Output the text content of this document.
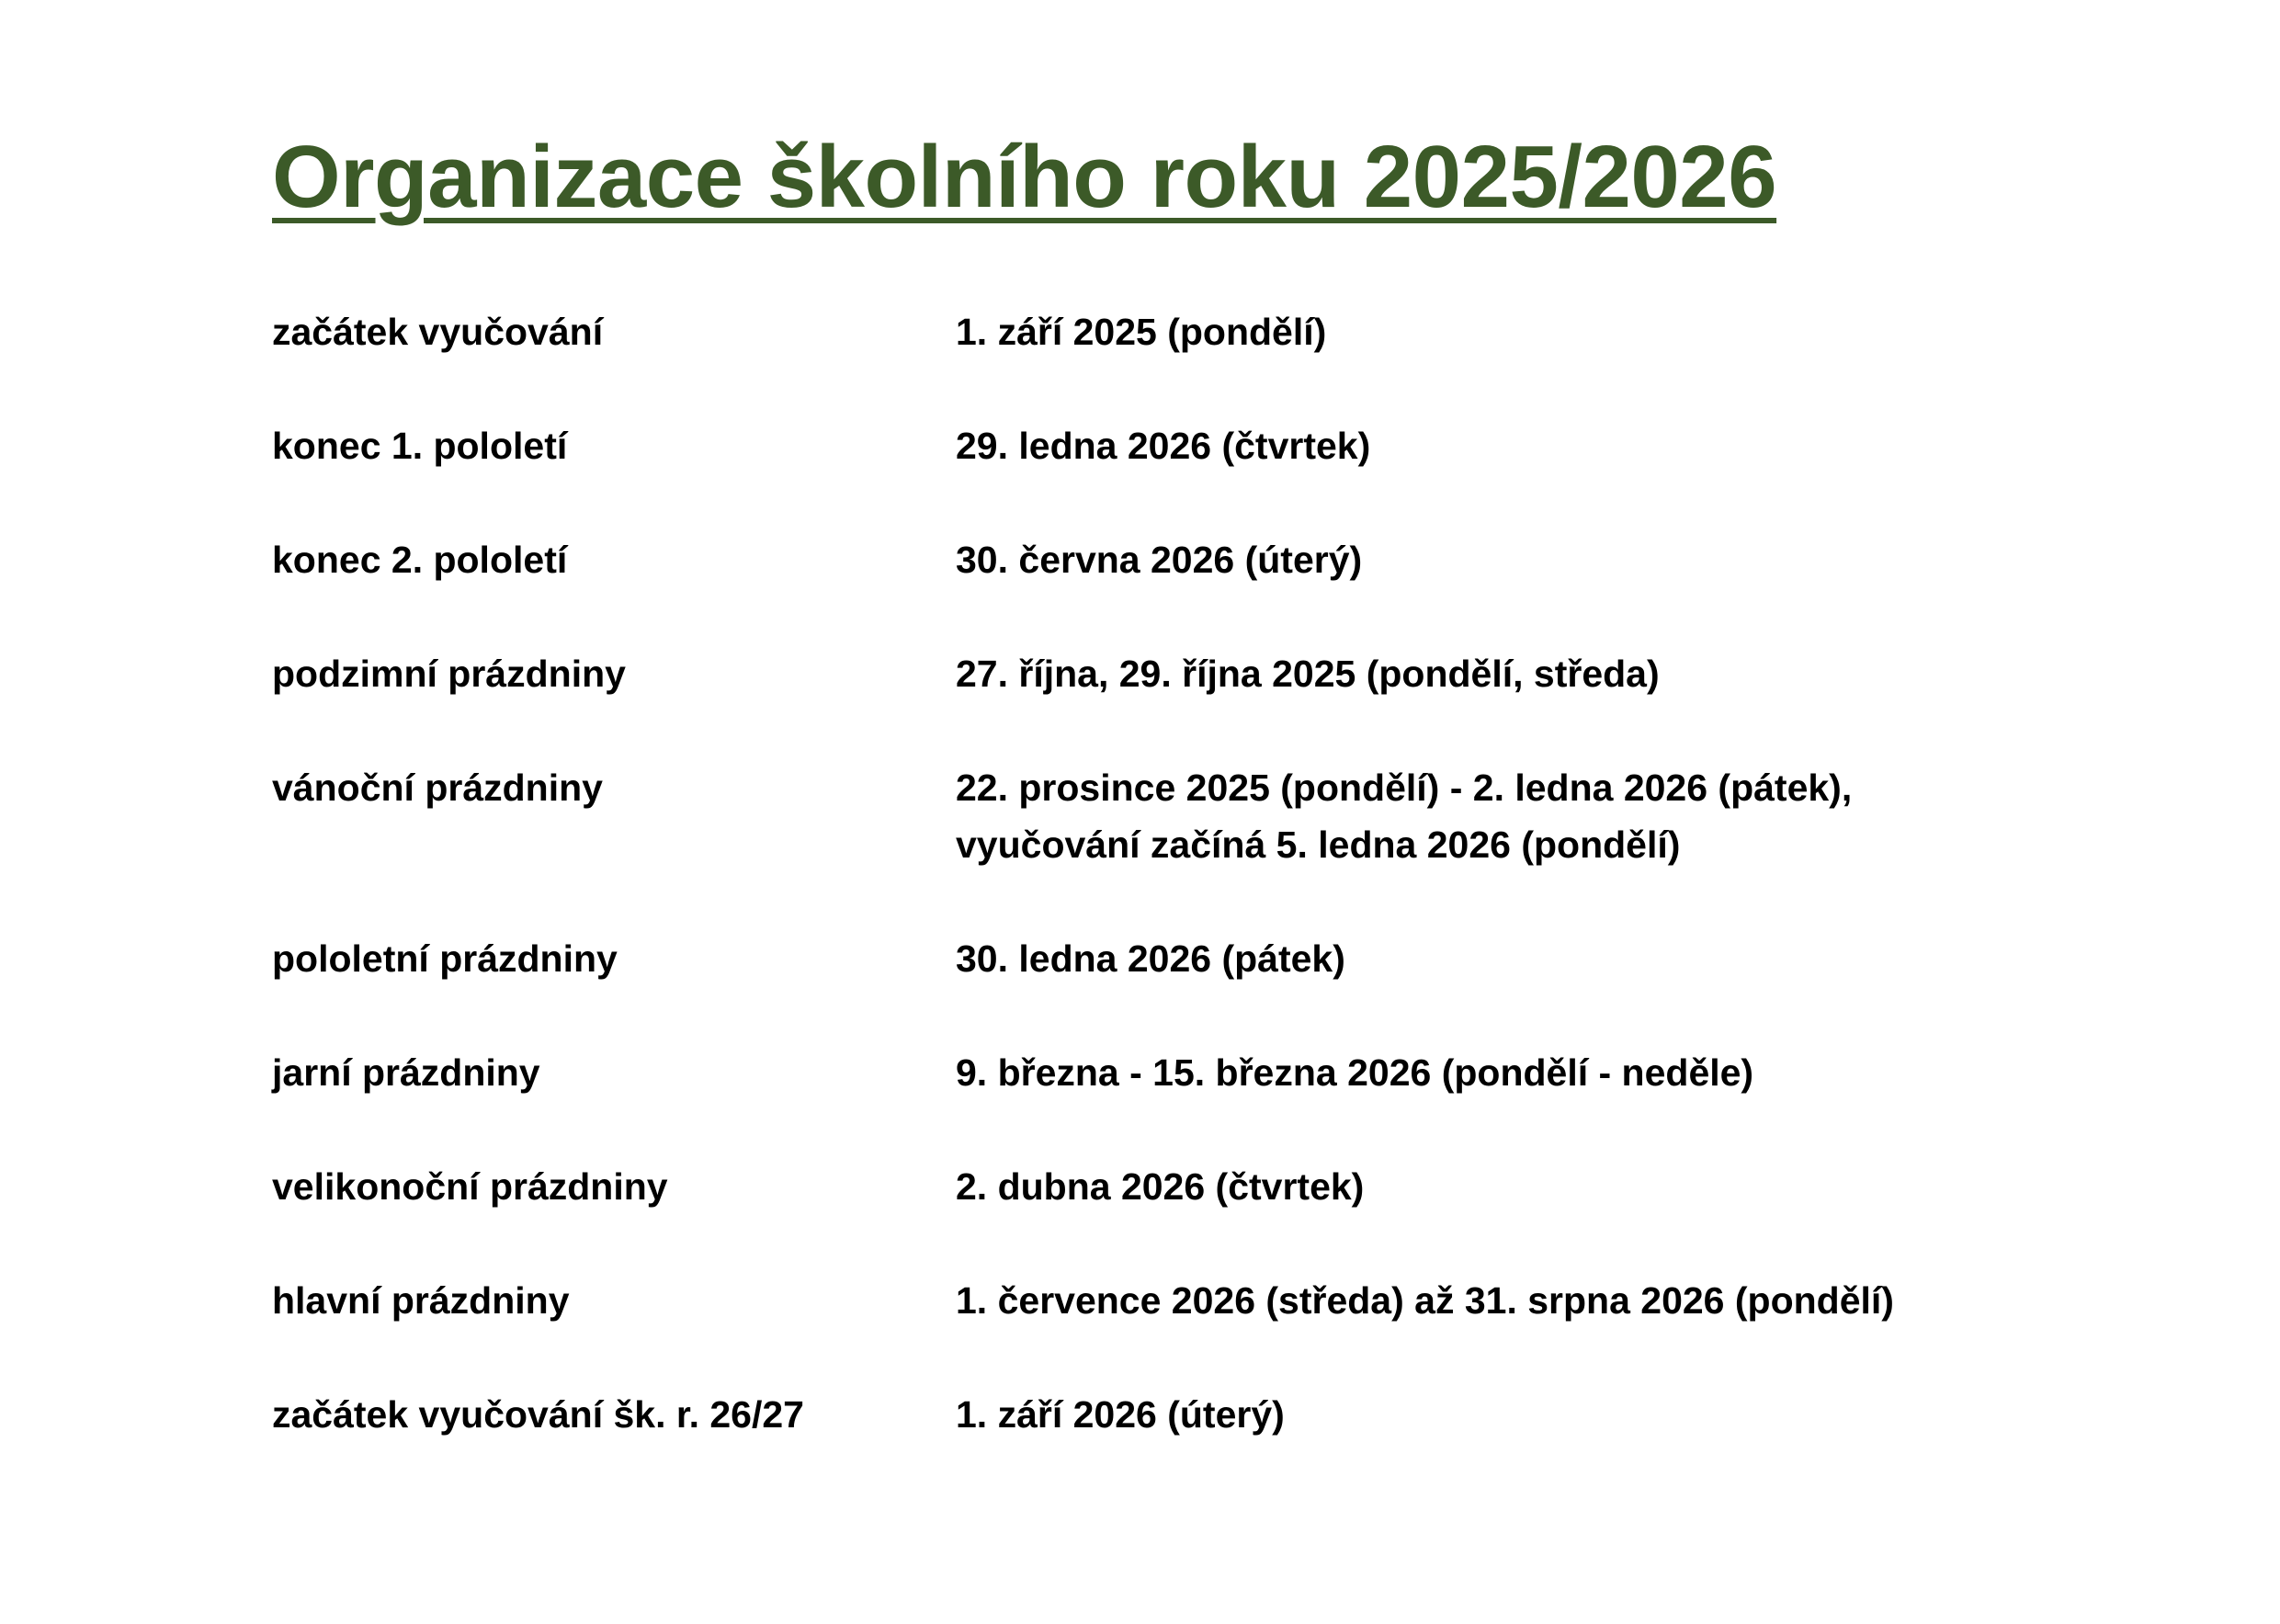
Organizace školního roku 2025/2026
začátek vyučování	1. září 2025 (pondělí)
konec 1. pololetí	29. ledna 2026 (čtvrtek)
konec 2. pololetí	30. června 2026 (úterý)
podzimní prázdniny	27. října, 29. října 2025 (pondělí, středa)
vánoční prázdniny	22. prosince 2025 (pondělí) - 2. ledna 2026 (pátek),
vyučování začíná 5. ledna 2026 (pondělí)
pololetní prázdniny	30. ledna 2026 (pátek)
jarní prázdniny	9. března - 15. března 2026 (pondělí - neděle)
velikonoční prázdniny	2. dubna 2026 (čtvrtek)
hlavní prázdniny	1. července 2026 (středa) až 31. srpna 2026 (pondělí)
začátek vyučování šk. r. 26/27	1. září 2026 (úterý)
